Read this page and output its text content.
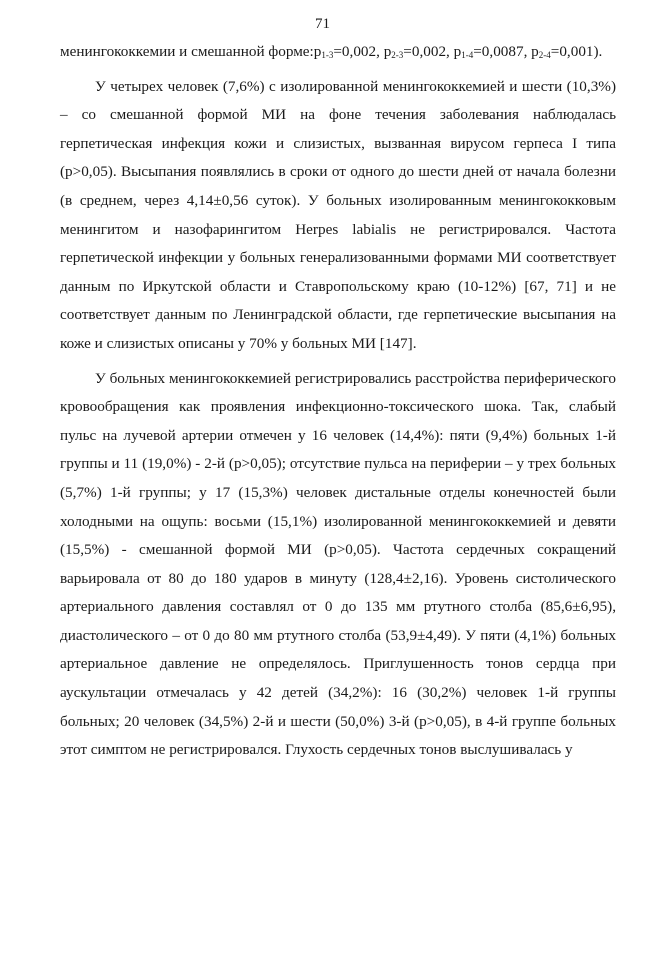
71

менингококкемии и смешанной $форме:p_{1-3}=0,002$, $p_{2-3}=0,002$, $p_{1-4}=0,0087$, $p_{2-4}=0,001$).

У четырех человек (7,6%) с изолированной менингококкемией и шести (10,3%) – со смешанной формой МИ на фоне течения заболевания наблюдалась герпетическая инфекция кожи и слизистых, вызванная вирусом герпеса I типа (p>0,05). Высыпания появлялись в сроки от одного до шести дней от начала болезни (в среднем, через 4,14±0,56 суток). У больных изолированным менингококковым менингитом и назофарингитом Herpes labialis не регистрировался. Частота герпетической инфекции у больных генерализованными формами МИ соответствует данным по Иркутской области и Ставропольскому краю (10-12%) [67, 71] и не соответствует данным по Ленинградской области, где герпетические высыпания на коже и слизистых описаны у 70% у больных МИ [147].

У больных менингококкемией регистрировались расстройства периферического кровообращения как проявления инфекционно-токсического шока. Так, слабый пульс на лучевой артерии отмечен у 16 человек (14,4%): пяти (9,4%) больных 1-й группы и 11 (19,0%) - 2-й (p>0,05); отсутствие пульса на периферии – у трех больных (5,7%) 1-й группы; у 17 (15,3%) человек дистальные отделы конечностей были холодными на ощупь: восьми (15,1%) изолированной менингококкемией и девяти (15,5%) - смешанной формой МИ (p>0,05). Частота сердечных сокращений варьировала от 80 до 180 ударов в минуту (128,4±2,16). Уровень систолического артериального давления составлял от 0 до 135 мм ртутного столба (85,6±6,95), диастолического – от 0 до 80 мм ртутного столба (53,9±4,49). У пяти (4,1%) больных артериальное давление не определялось. Приглушенность тонов сердца при аускультации отмечалась у 42 детей (34,2%): 16 (30,2%) человек 1-й группы больных; 20 человек (34,5%) 2-й и шести (50,0%) 3-й (p>0,05), в 4-й группе больных этот симптом не регистрировался. Глухость сердечных тонов выслушивалась у
